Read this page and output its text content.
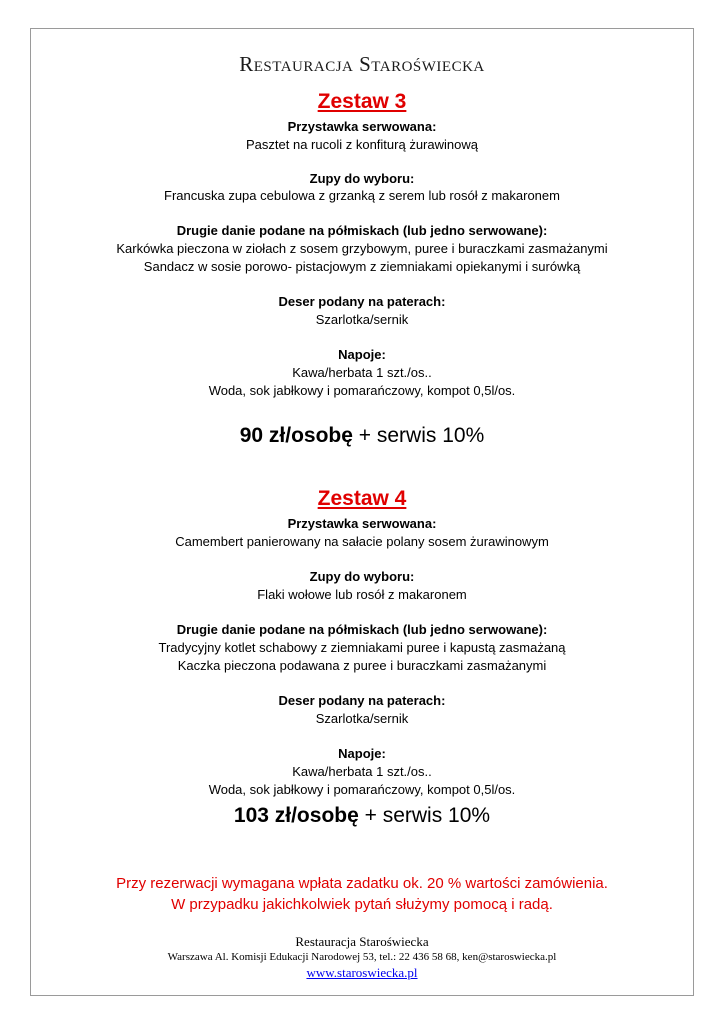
Restauracja Staroświecka
Zestaw 3
Przystawka serwowana:
Pasztet na rucoli z konfiturą żurawinową
Zupy do wyboru:
Francuska zupa cebulowa z grzanką z serem lub rosół z makaronem
Drugie danie podane na półmiskach (lub jedno serwowane):
Karkówka pieczona w ziołach z sosem grzybowym, puree i buraczkami zasmażanymi
Sandacz w sosie porowo- pistacjowym z ziemniakami opiekanymi i surówką
Deser podany na paterach:
Szarlotka/sernik
Napoje:
Kawa/herbata 1 szt./os..
Woda, sok jabłkowy i pomarańczowy, kompot 0,5l/os.
90 zł/osobę + serwis 10%
Zestaw 4
Przystawka serwowana:
Camembert panierowany na sałacie polany sosem żurawinowym
Zupy do wyboru:
Flaki wołowe lub rosół z makaronem
Drugie danie podane na półmiskach (lub jedno serwowane):
Tradycyjny kotlet schabowy z ziemniakami puree i kapustą zasmażaną
Kaczka pieczona podawana z puree i buraczkami zasmażanymi
Deser podany na paterach:
Szarlotka/sernik
Napoje:
Kawa/herbata 1 szt./os..
Woda, sok jabłkowy i pomarańczowy, kompot 0,5l/os.
103 zł/osobę + serwis 10%
Przy rezerwacji wymagana wpłata zadatku ok. 20 % wartości zamówienia.
W przypadku jakichkolwiek pytań służymy pomocą i radą.
Restauracja Staroświecka
Warszawa Al. Komisji Edukacji Narodowej 53, tel.: 22 436 58 68, ken@staroswiecka.pl
www.staroswiecka.pl
